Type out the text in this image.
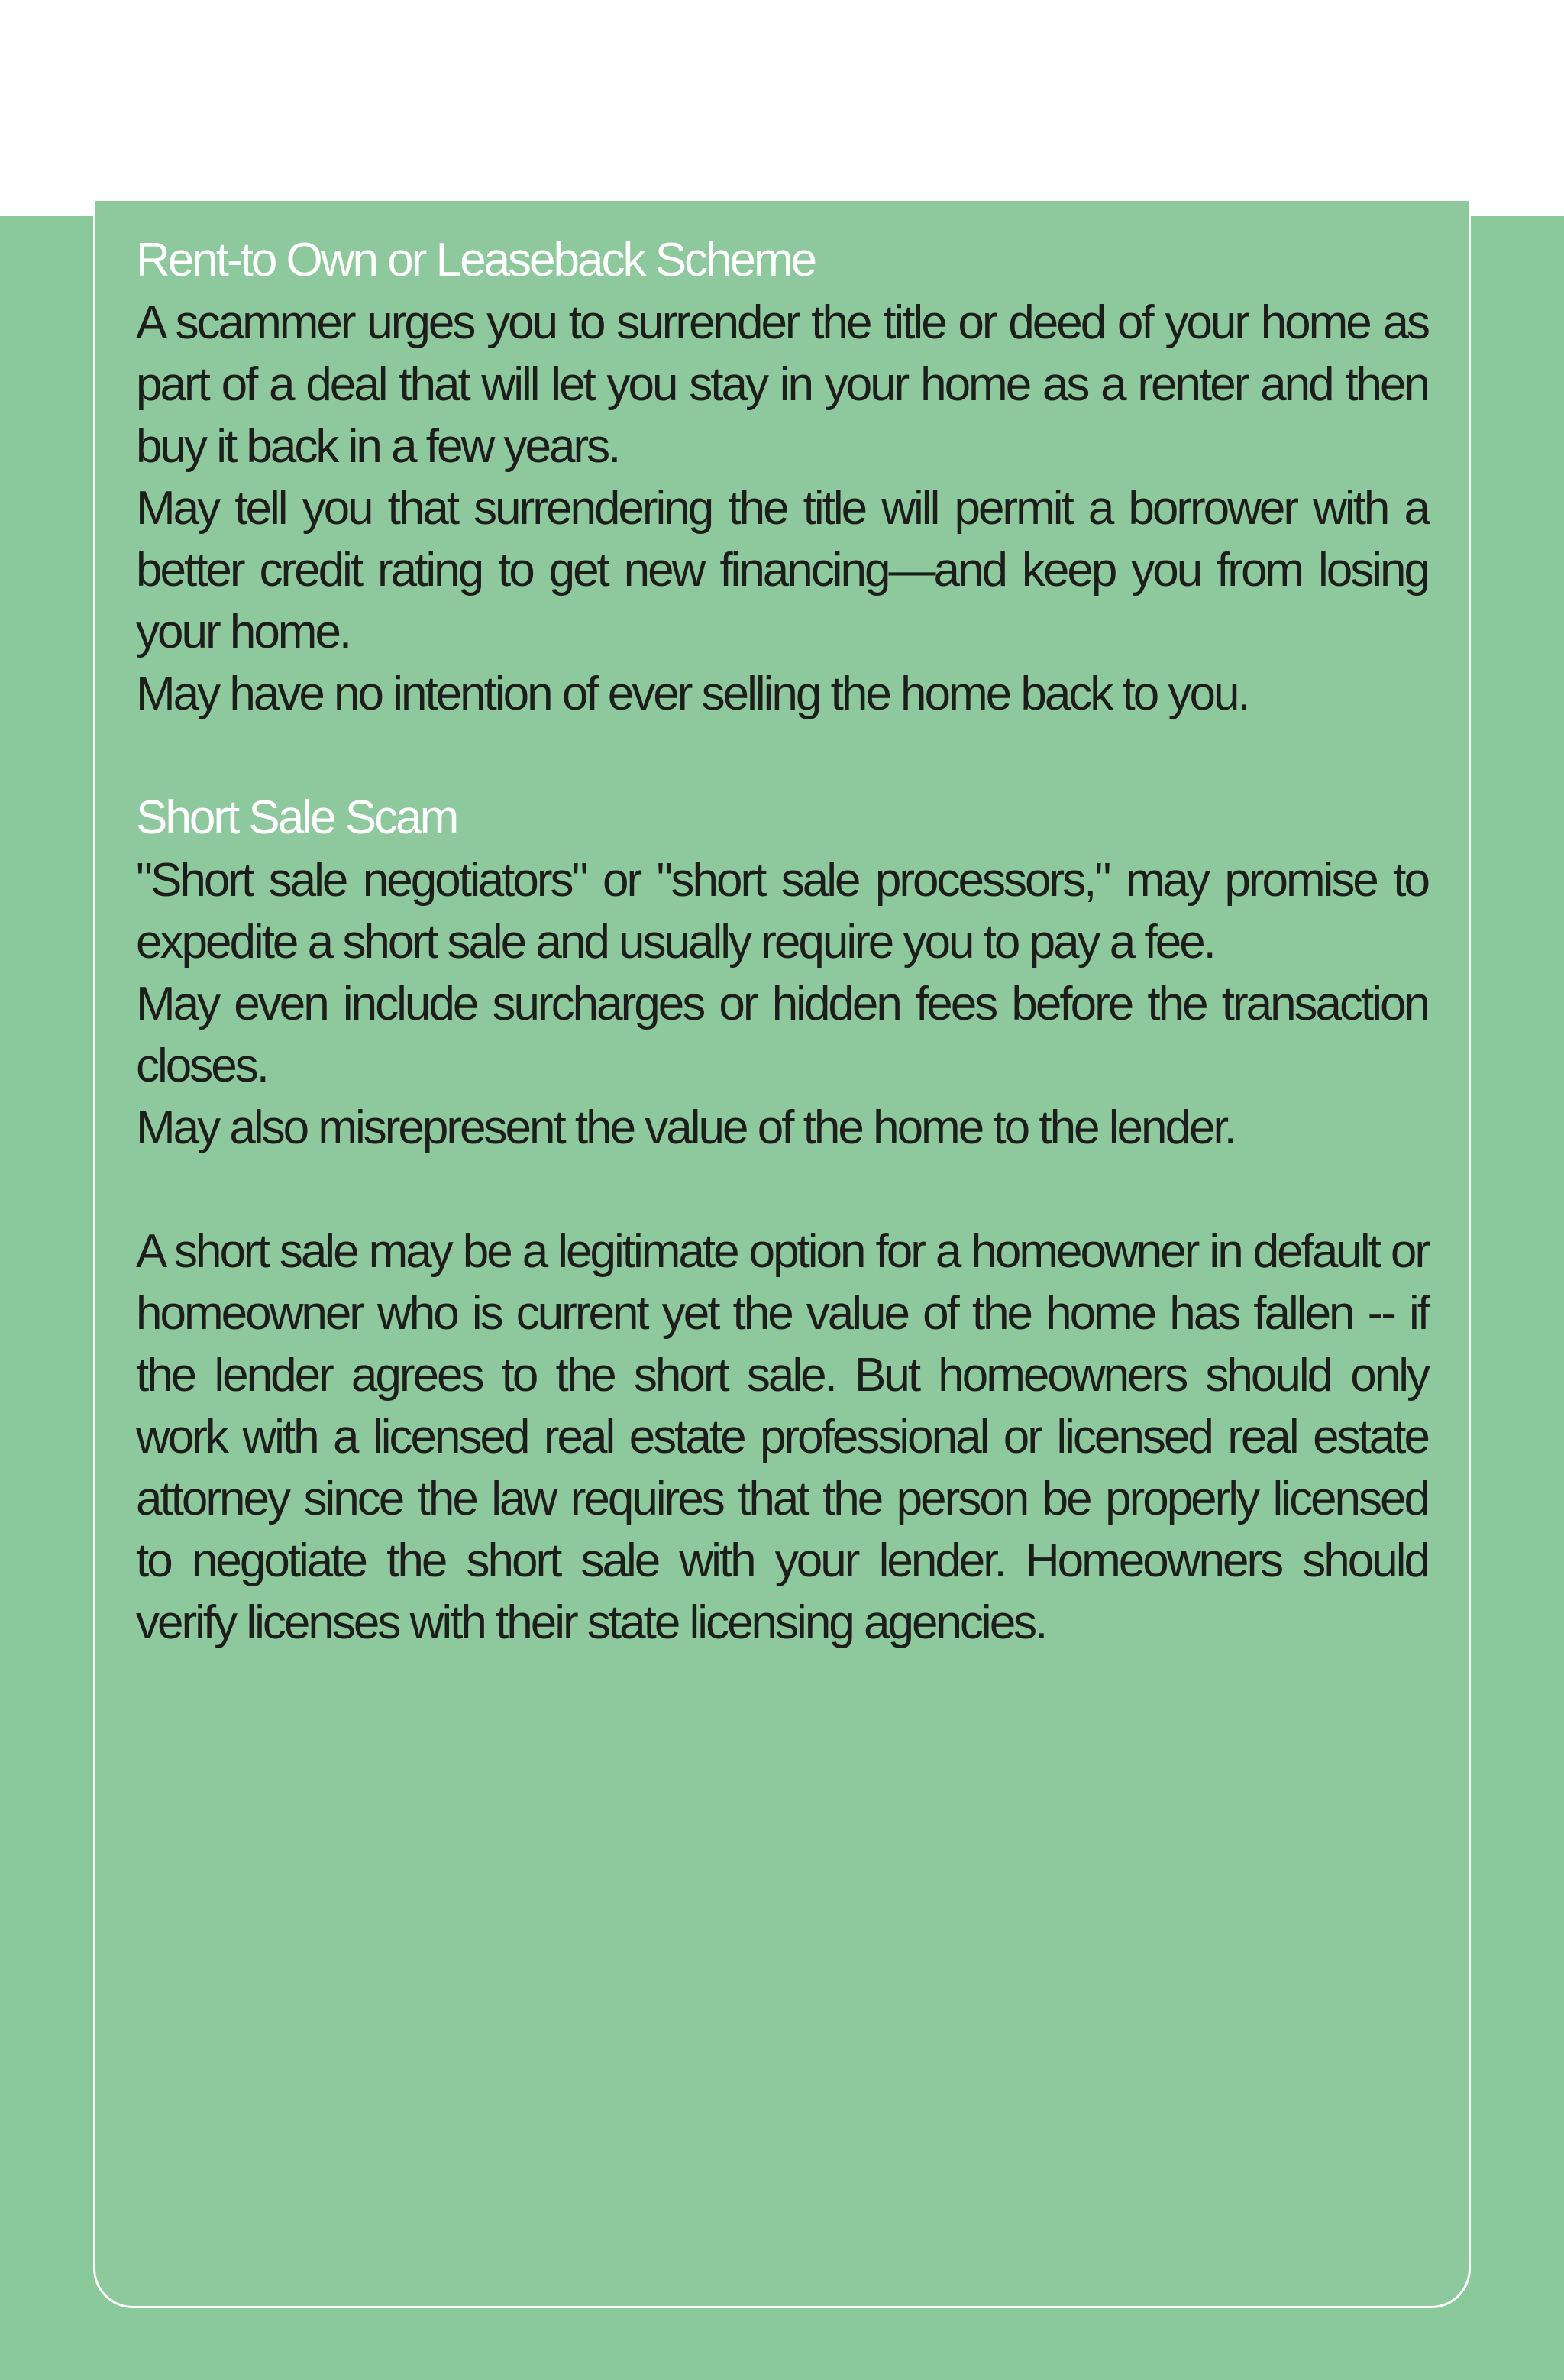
Rent-to Own or Leaseback Scheme

A scammer urges you to surrender the title or deed of your home as part of a deal that will let you stay in your home as a renter and then buy it back in a few years.

May tell you that surrendering the title will permit a borrower with a better credit rating to get new financing—and keep you from losing your home.

May have no intention of ever selling the home back to you.

Short Sale Scam

"Short sale negotiators" or "short sale processors," may promise to expedite a short sale and usually require you to pay a fee.

May even include surcharges or hidden fees before the transaction closes.

May also misrepresent the value of the home to the lender.

A short sale may be a legitimate option for a homeowner in default or homeowner who is current yet the value of the home has fallen -- if the lender agrees to the short sale. But homeowners should only work with a licensed real estate professional or licensed real estate attorney since the law requires that the person be properly licensed to negotiate the short sale with your lender. Homeowners should verify licenses with their state licensing agencies.
